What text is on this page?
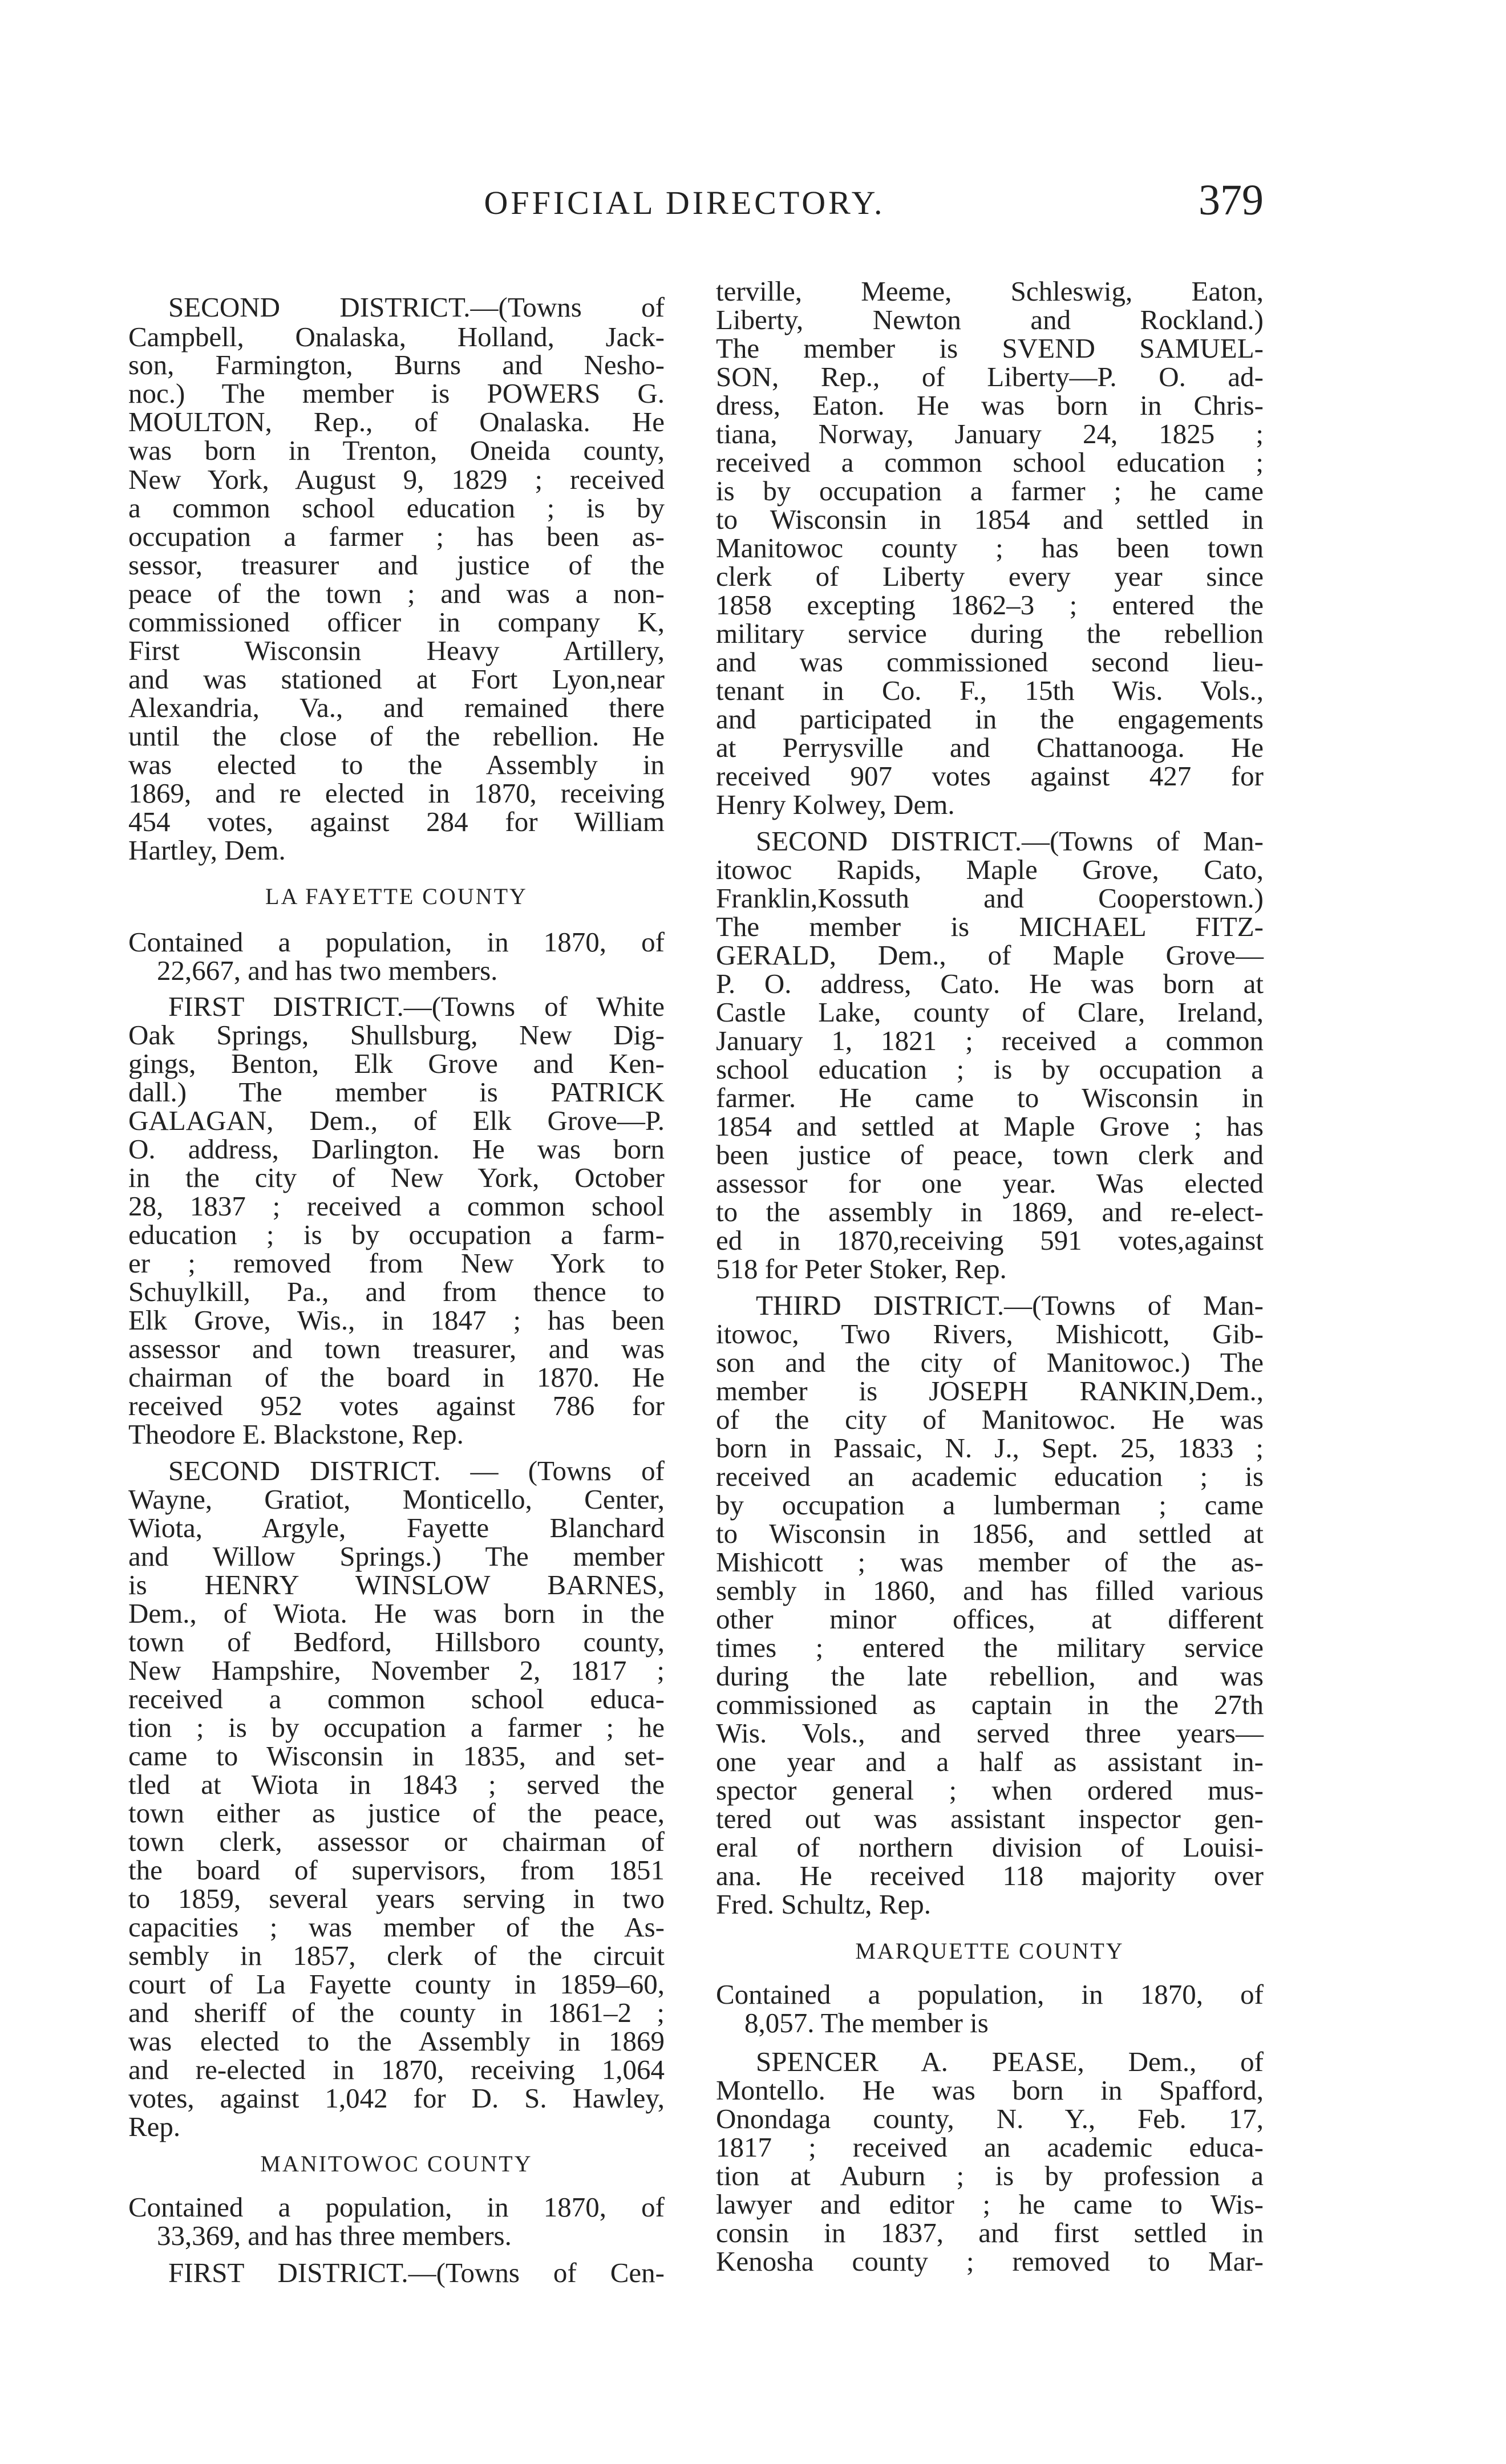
OFFICIAL DIRECTORY.	379
SECOND DISTRICT.—(Towns of
Campbell, Onalaska, Holland, Jack-
son, Farmington, Burns and Nesho-
noc.) The member is POWERS G.
MOULTON, Rep., of Onalaska. He
was born in Trenton, Oneida county,
New York, August 9, 1829 ; received
a common school education ; is by
occupation a farmer ; has been as-
sessor, treasurer and justice of the
peace of the town ; and was a non-
commissioned officer in company K,
First Wisconsin Heavy Artillery,
and was stationed at Fort Lyon,near
Alexandria, Va., and remained there
until the close of the rebellion. He
was elected to the Assembly in
1869, and re elected in 1870, receiving
454 votes, against 284 for William
Hartley, Dem.
LA FAYETTE COUNTY
Contained a population, in 1870, of
22,667, and has two members.
FIRST DISTRICT.—(Towns of White
Oak Springs, Shullsburg, New Dig-
gings, Benton, Elk Grove and Ken-
dall.) The member is PATRICK
GALAGAN, Dem., of Elk Grove—P.
O. address, Darlington. He was born
in the city of New York, October
28, 1837 ; received a common school
education ; is by occupation a farm-
er ; removed from New York to
Schuylkill, Pa., and from thence to
Elk Grove, Wis., in 1847 ; has been
assessor and town treasurer, and was
chairman of the board in 1870. He
received 952 votes against 786 for
Theodore E. Blackstone, Rep.
SECOND DISTRICT. — (Towns of
Wayne, Gratiot, Monticello, Center,
Wiota, Argyle, Fayette Blanchard
and Willow Springs.) The member
is HENRY WINSLOW BARNES,
Dem., of Wiota. He was born in the
town of Bedford, Hillsboro county,
New Hampshire, November 2, 1817 ;
received a common school educa-
tion ; is by occupation a farmer ; he
came to Wisconsin in 1835, and set-
tled at Wiota in 1843 ; served the
town either as justice of the peace,
town clerk, assessor or chairman of
the board of supervisors, from 1851
to 1859, several years serving in two
capacities ; was member of the As-
sembly in 1857, clerk of the circuit
court of La Fayette county in 1859–60,
and sheriff of the county in 1861–2 ;
was elected to the Assembly in 1869
and re-elected in 1870, receiving 1,064
votes, against 1,042 for D. S. Hawley,
Rep.
MANITOWOC COUNTY
Contained a population, in 1870, of
33,369, and has three members.
FIRST DISTRICT.—(Towns of Cen-
terville, Meeme, Schleswig, Eaton,
Liberty, Newton and Rockland.)
The member is SVEND SAMUEL-
SON, Rep., of Liberty—P. O. ad-
dress, Eaton. He was born in Chris-
tiana, Norway, January 24, 1825 ;
received a common school education ;
is by occupation a farmer ; he came
to Wisconsin in 1854 and settled in
Manitowoc county ; has been town
clerk of Liberty every year since
1858 excepting 1862–3 ; entered the
military service during the rebellion
and was commissioned second lieu-
tenant in Co. F., 15th Wis. Vols.,
and participated in the engagements
at Perrysville and Chattanooga. He
received 907 votes against 427 for
Henry Kolwey, Dem.
SECOND DISTRICT.—(Towns of Man-
itowoc Rapids, Maple Grove, Cato,
Franklin,Kossuth and Cooperstown.)
The member is MICHAEL FITZ-
GERALD, Dem., of Maple Grove—
P. O. address, Cato. He was born at
Castle Lake, county of Clare, Ireland,
January 1, 1821 ; received a common
school education ; is by occupation a
farmer. He came to Wisconsin in
1854 and settled at Maple Grove ; has
been justice of peace, town clerk and
assessor for one year. Was elected
to the assembly in 1869, and re-elect-
ed in 1870,receiving 591 votes,against
518 for Peter Stoker, Rep.
THIRD DISTRICT.—(Towns of Man-
itowoc, Two Rivers, Mishicott, Gib-
son and the city of Manitowoc.) The
member is JOSEPH RANKIN,Dem.,
of the city of Manitowoc. He was
born in Passaic, N. J., Sept. 25, 1833 ;
received an academic education ; is
by occupation a lumberman ; came
to Wisconsin in 1856, and settled at
Mishicott ; was member of the as-
sembly in 1860, and has filled various
other minor offices, at different
times ; entered the military service
during the late rebellion, and was
commissioned as captain in the 27th
Wis. Vols., and served three years—
one year and a half as assistant in-
spector general ; when ordered mus-
tered out was assistant inspector gen-
eral of northern division of Louisi-
ana. He received 118 majority over
Fred. Schultz, Rep.
MARQUETTE COUNTY
Contained a population, in 1870, of
8,057. The member is
SPENCER A. PEASE, Dem., of
Montello. He was born in Spafford,
Onondaga county, N. Y., Feb. 17,
1817 ; received an academic educa-
tion at Auburn ; is by profession a
lawyer and editor ; he came to Wis-
consin in 1837, and first settled in
Kenosha county ; removed to Mar-
